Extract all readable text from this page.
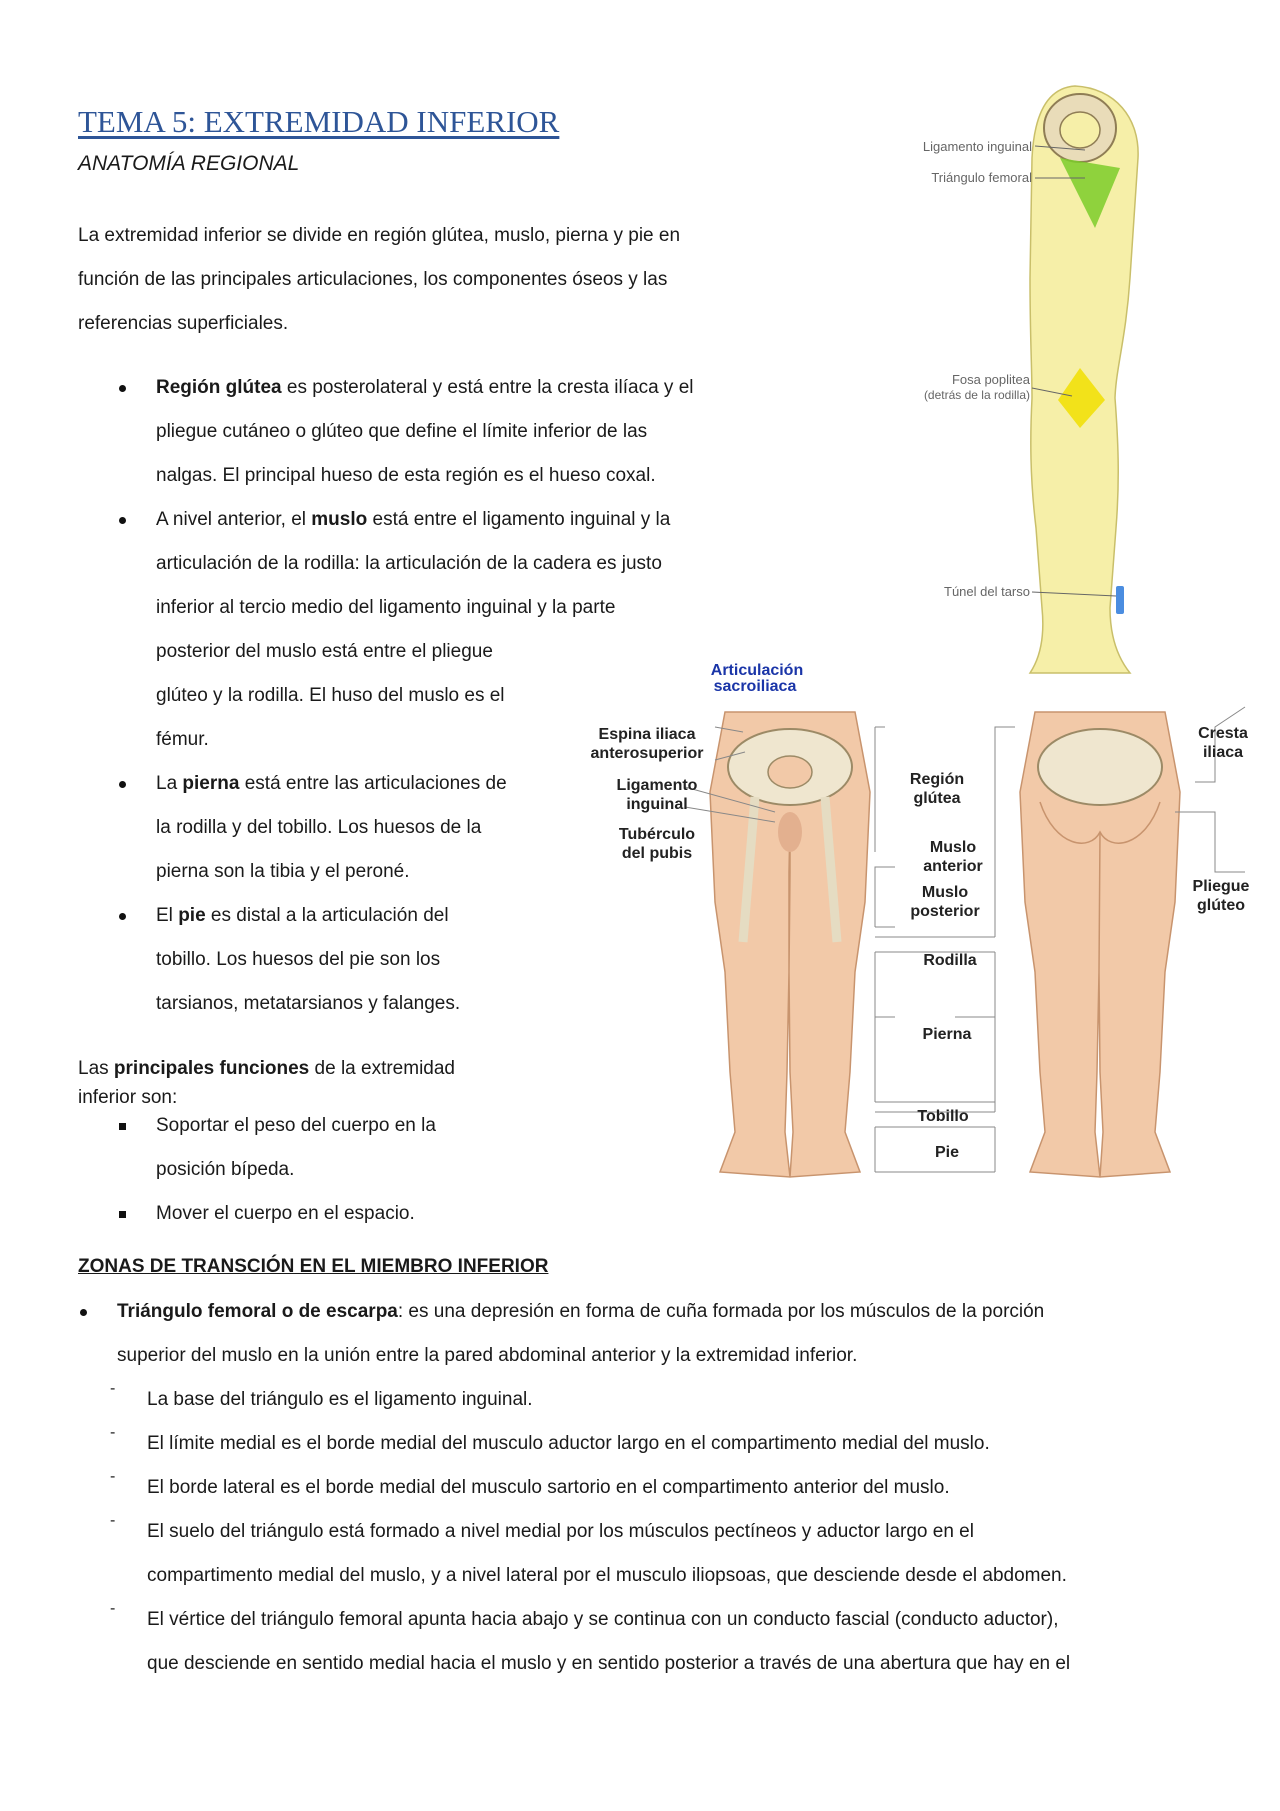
TEMA 5: EXTREMIDAD INFERIOR
ANATOMÍA REGIONAL
La extremidad inferior se divide en región glútea, muslo, pierna y pie en
función de las principales articulaciones, los componentes óseos y las
referencias superficiales.
Región glútea es posterolateral y está entre la cresta ilíaca y el
pliegue cutáneo o glúteo que define el límite inferior de las
nalgas. El principal hueso de esta región es el hueso coxal.
A nivel anterior, el muslo está entre el ligamento inguinal y la
articulación de la rodilla: la articulación de la cadera es justo
inferior al tercio medio del ligamento inguinal y la parte
posterior del muslo está entre el pliegue
glúteo y la rodilla. El huso del muslo es el
fémur.
La pierna está entre las articulaciones de
la rodilla y del tobillo. Los huesos de la
pierna son la tibia y el peroné.
El pie es distal a la articulación del
tobillo. Los huesos del pie son los
tarsianos, metatarsianos y falanges.
Las principales funciones de la extremidad
inferior son:
Soportar el peso del cuerpo en la
posición bípeda.
Mover el cuerpo en el espacio.
ZONAS DE TRANSCIÓN EN EL MIEMBRO INFERIOR
Triángulo femoral o de escarpa: es una depresión en forma de cuña formada por los músculos de la porción
superior del muslo en la unión entre la pared abdominal anterior y la extremidad inferior.
-
La base del triángulo es el ligamento inguinal.
-
El límite medial es el borde medial del musculo aductor largo en el compartimento medial del muslo.
-
El borde lateral es el borde medial del musculo sartorio en el compartimento anterior del muslo.
-
El suelo del triángulo está formado a nivel medial por los músculos pectíneos y aductor largo en el
compartimento medial del muslo, y a nivel lateral por el musculo iliopsoas, que desciende desde el abdomen.
-
El vértice del triángulo femoral apunta hacia abajo y se continua con un conducto fascial (conducto aductor),
que desciende en sentido medial hacia el muslo y en sentido posterior a través de una abertura que hay en el
Ligamento inguinal
Triángulo femoral
Fosa poplitea
(detrás de la rodilla)
Túnel del tarso
Articulación
sacroiliaca
Espina iliaca
anterosuperior
Ligamento
inguinal
Tubérculo
del pubis
Región
glútea
Muslo
anterior
Muslo
posterior
Rodilla
Pierna
Tobillo
Pie
Cresta
iliaca
Pliegue
glúteo
